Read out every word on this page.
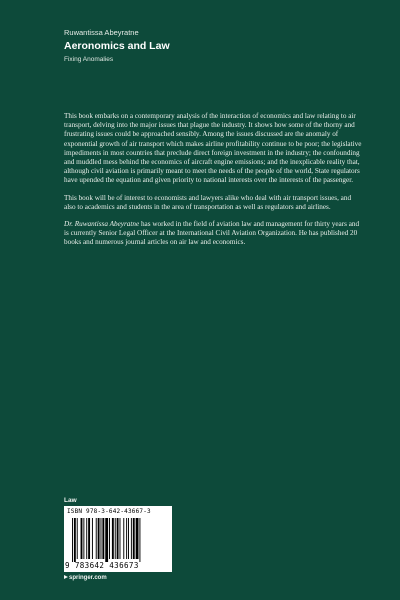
Ruwantissa Abeyratne
Aeronomics and Law
Fixing Anomalies

This book embarks on a contemporary analysis of the interaction of economics and law relating to air transport, delving into the major issues that plague the industry. It shows how some of the thorny and frustrating issues could be approached sensibly. Among the issues discussed are the anomaly of exponential growth of air transport which makes airline profitability continue to be poor; the legislative impediments in most countries that preclude direct foreign investment in the industry; the confounding and muddled mess behind the economics of aircraft engine emissions; and the inexplicable reality that, although civil aviation is primarily meant to meet the needs of the people of the world, State regulators have upended the equation and given priority to national interests over the interests of the passenger.

This book will be of interest to economists and lawyers alike who deal with air transport issues, and also to academics and students in the area of transportation as well as regulators and airlines.

Dr. Ruwantissa Abeyratne has worked in the field of aviation law and management for thirty years and is currently Senior Legal Officer at the International Civil Aviation Organization. He has published 20 books and numerous journal articles on air law and economics.

Law
ISBN 978-3-642-43667-3
9 783642 436673
springer.com
